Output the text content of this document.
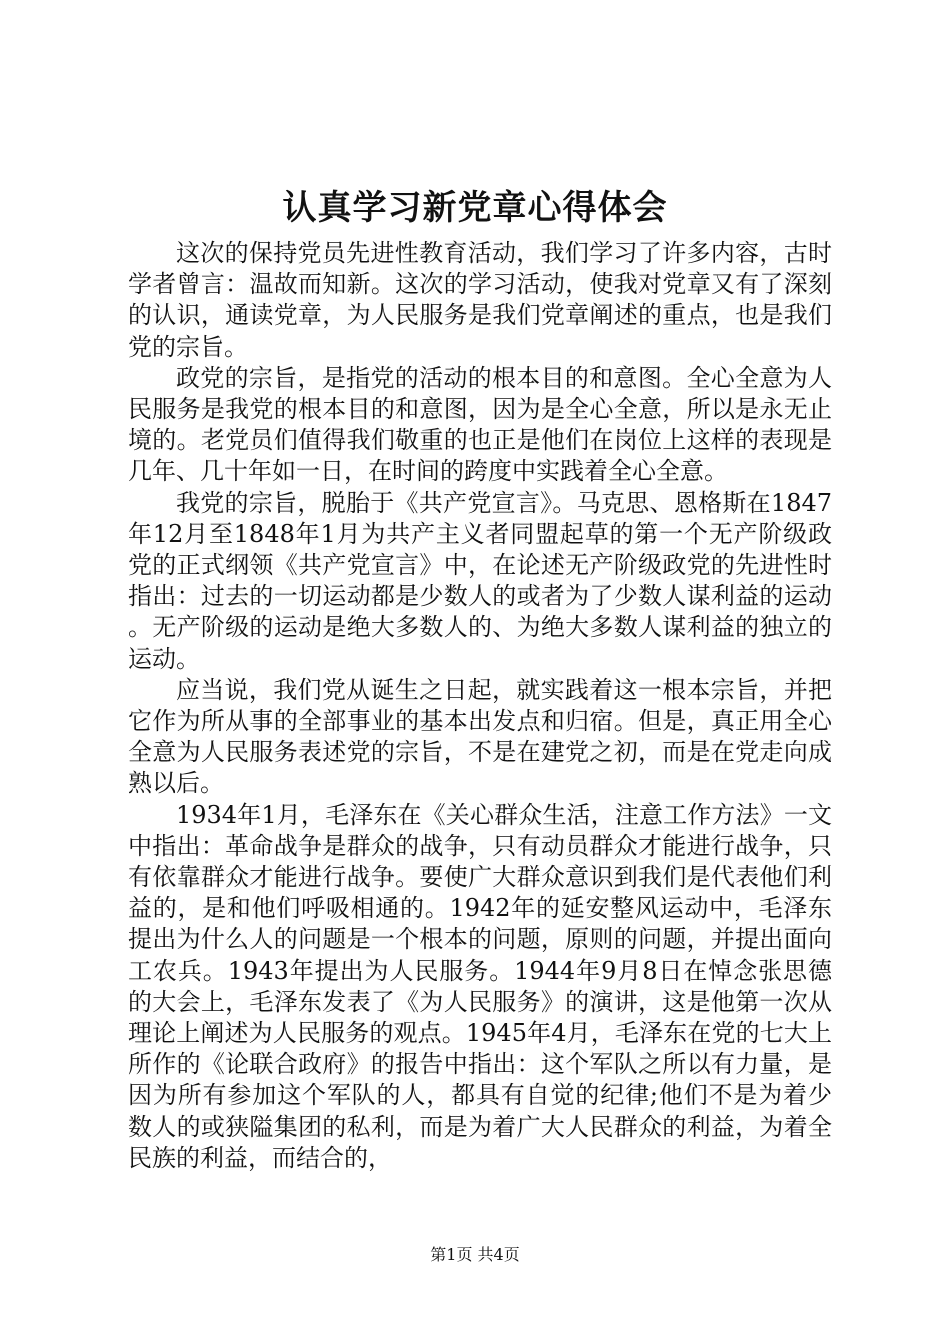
认真学习新党章心得体会

这次的保持党员先进性教育活动，我们学习了许多内容，古时学者曾言：温故而知新。这次的学习活动，使我对党章又有了深刻的认识，通读党章，为人民服务是我们党章阐述的重点，也是我们党的宗旨。

政党的宗旨，是指党的活动的根本目的和意图。全心全意为人民服务是我党的根本目的和意图，因为是全心全意，所以是永无止境的。老党员们值得我们敬重的也正是他们在岗位上这样的表现是几年、几十年如一日，在时间的跨度中实践着全心全意。

我党的宗旨，脱胎于《共产党宣言》。马克思、恩格斯在1847年12月至1848年1月为共产主义者同盟起草的第一个无产阶级政党的正式纲领《共产党宣言》中，在论述无产阶级政党的先进性时指出：过去的一切运动都是少数人的或者为了少数人谋利益的运动。无产阶级的运动是绝大多数人的、为绝大多数人谋利益的独立的运动。

应当说，我们党从诞生之日起，就实践着这一根本宗旨，并把它作为所从事的全部事业的基本出发点和归宿。但是，真正用全心全意为人民服务表述党的宗旨，不是在建党之初，而是在党走向成熟以后。

1934年1月，毛泽东在《关心群众生活，注意工作方法》一文中指出：革命战争是群众的战争，只有动员群众才能进行战争，只有依靠群众才能进行战争。要使广大群众意识到我们是代表他们利益的，是和他们呼吸相通的。1942年的延安整风运动中，毛泽东提出为什么人的问题是一个根本的问题，原则的问题，并提出面向工农兵。1943年提出为人民服务。1944年9月8日在悼念张思德的大会上，毛泽东发表了《为人民服务》的演讲，这是他第一次从理论上阐述为人民服务的观点。1945年4月，毛泽东在党的七大上所作的《论联合政府》的报告中指出：这个军队之所以有力量，是因为所有参加这个军队的人，都具有自觉的纪律;他们不是为着少数人的或狭隘集团的私利，而是为着广大人民群众的利益，为着全民族的利益，而结合的，

第1页 共4页
